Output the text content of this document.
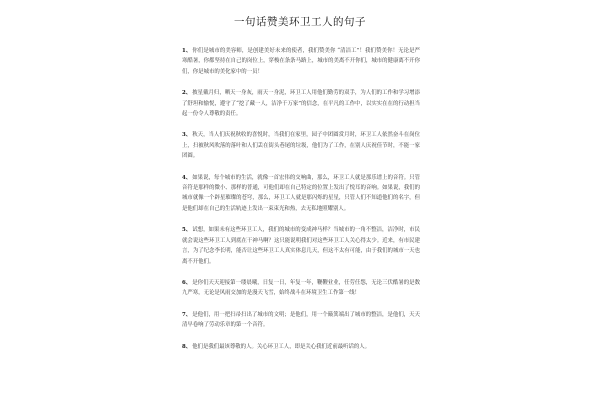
一句话赞美环卫工人的句子

1、你们是城市的美容师，是创建美好未来的使者，我们赞美你 “清洁工”！我们赞美你！无论是严寒酷暑，你都坚持在自己的岗位上，穿梭在条条马路上，城市的美离不开你们，城市的健康离不开你们，你是城市的美化家中的一员！

2、披星戴月归，晒天一身灰，雨天一身泥，环卫工人用他们勤劳的双手，为人们的工作和学习增添了舒坦和愉悦，遵守了“挖了藏一人，洁净千万家”的信念，在平凡的工作中，以实实在在的行动担当起一份令人尊敬的责任。

3、秋天，当人们庆祝秋收的喜悦时，当我们在家里，园子中团圆赏月时，环卫工人依然奋斗在岗位上，扫被秋风吹落的落叶和人们丢在街头巷尾的垃圾，他们为了工作，在别人庆祝佳节时，不能一家团圆。

4、如果说，每个城市的生活，就像一首宏伟的交响曲，那么，环卫工人就是那乐谱上的音符。只管音符是那样的微小、那样的普通，可他们却在自己特定的位置上发出了悦耳的音响。如果说，我们的城市就像一个辟星璀璨的苍穹，那么，环卫工人就是那闪烁的星星，只管人们不知道他们的名字，但是他们却在自己的生活轨迹上发出一束束光和热，去无私地照耀别人。

5、试想，如果未有这些环卫工人，我们的城市的变成神马样？当城市的一角不整洁，洁净时，市民就会说这些环卫工人到底在干神马啊？这只能说明我们对这些环卫工人关心得太少。近来，有市民建言，为了纪念李长明，能否让这些环卫工人真实体息几天，但这不太有可能，由于我们的城市一天也离不开他们。

6、是你们天天迎接第一缕晨曦，日复一日，年复一年，鞭鞭业业，任劳任怨，无论三伏酷暑的是数九严寒，无论是风雨交加的是漫天飞雪，始终战斗在环境卫生工作第一线！

7、是他们，用一把扫帚扫出了城市的文明；是他们，用一个簸箕端出了城市的整洁，是他们，天天清早卷响了劳动乐章的第一个音符。

8、他们是我们最该尊敬的人。关心环卫工人，即是关心我们近前最听话的人。
